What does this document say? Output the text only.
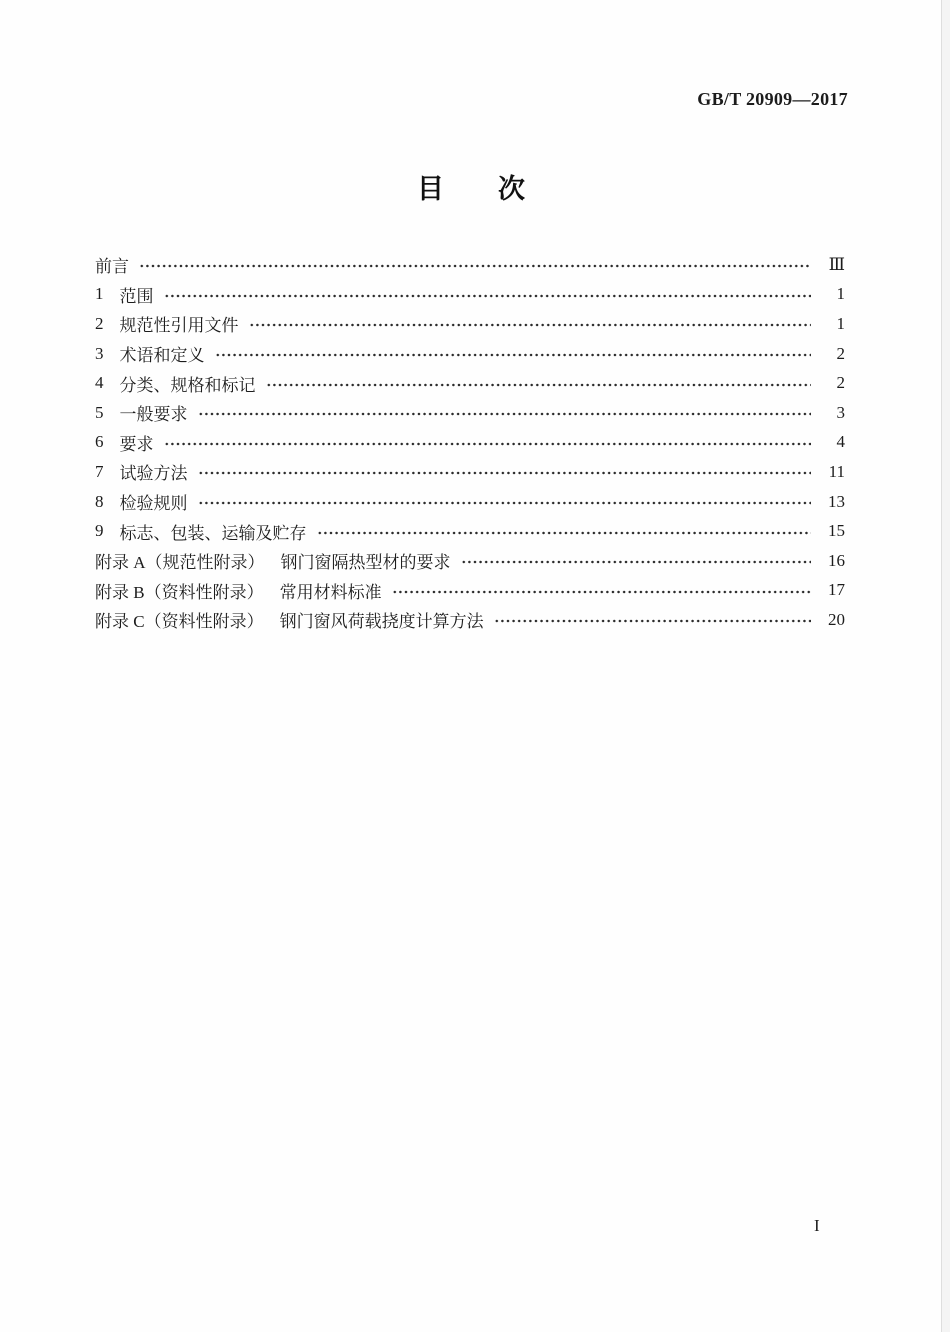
GB/T 20909—2017
目　　次
前言	Ⅲ
1 范围	1
2 规范性引用文件	1
3 术语和定义	2
4 分类、规格和标记	2
5 一般要求	3
6 要求	4
7 试验方法	11
8 检验规则	13
9 标志、包装、运输及贮存	15
附录 A（规范性附录） 钢门窗隔热型材的要求	16
附录 B（资料性附录） 常用材料标准	17
附录 C（资料性附录） 钢门窗风荷载挠度计算方法	20
I
